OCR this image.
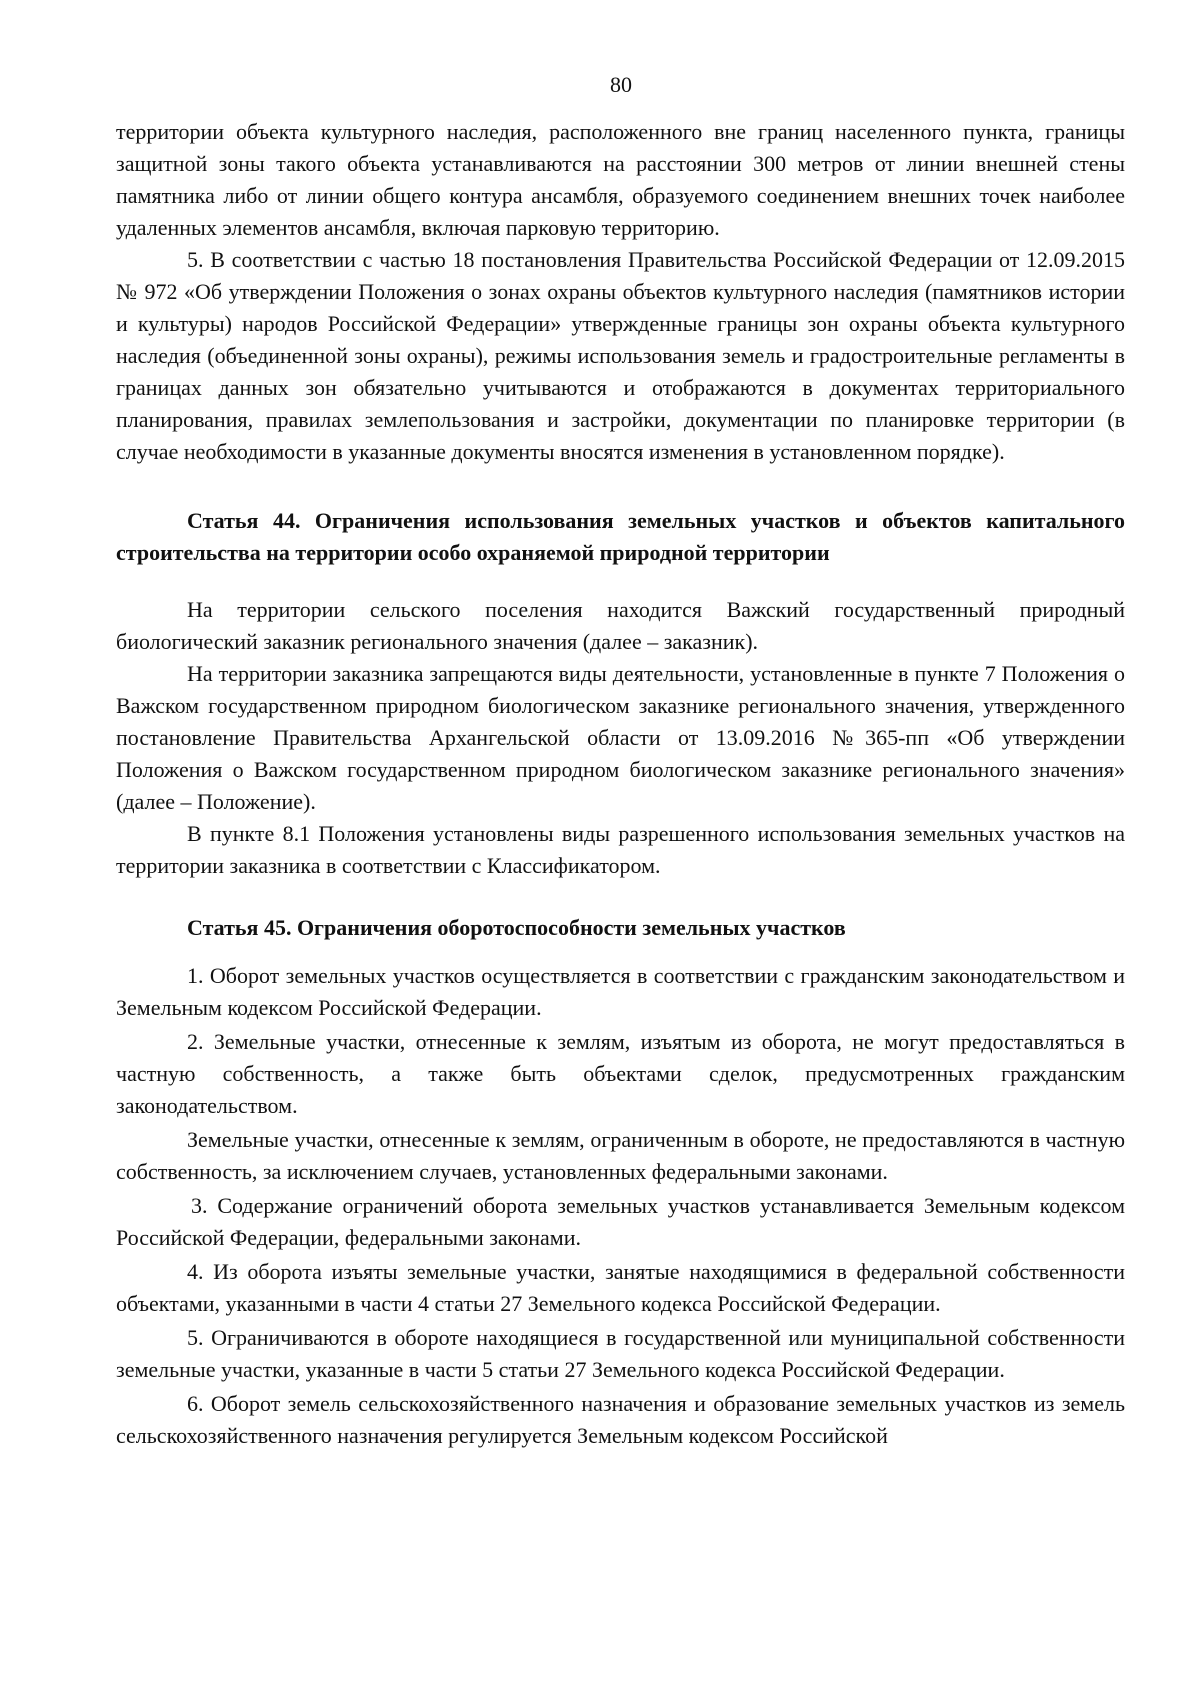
80

территории объекта культурного наследия, расположенного вне границ населенного пункта, границы защитной зоны такого объекта устанавливаются на расстоянии 300 метров от линии внешней стены памятника либо от линии общего контура ансамбля, образуемого соединением внешних точек наиболее удаленных элементов ансамбля, включая парковую территорию.

5. В соответствии с частью 18 постановления Правительства Российской Федерации от 12.09.2015 № 972 «Об утверждении Положения о зонах охраны объектов культурного наследия (памятников истории и культуры) народов Российской Федерации» утвержденные границы зон охраны объекта культурного наследия (объединенной зоны охраны), режимы использования земель и градостроительные регламенты в границах данных зон обязательно учитываются и отображаются в документах территориального планирования, правилах землепользования и застройки, документации по планировке территории (в случае необходимости в указанные документы вносятся изменения в установленном порядке).

Статья 44. Ограничения использования земельных участков и объектов капитального строительства на территории особо охраняемой природной территории

На территории сельского поселения находится Важский государственный природный биологический заказник регионального значения (далее – заказник).

На территории заказника запрещаются виды деятельности, установленные в пункте 7 Положения о Важском государственном природном биологическом заказнике регионального значения, утвержденного постановление Правительства Архангельской области от 13.09.2016 №365-пп «Об утверждении Положения о Важском государственном природном биологическом заказнике регионального значения» (далее – Положение).

В пункте 8.1 Положения установлены виды разрешенного использования земельных участков на территории заказника в соответствии с Классификатором.

Статья 45. Ограничения оборотоспособности земельных участков

1. Оборот земельных участков осуществляется в соответствии с гражданским законодательством и Земельным кодексом Российской Федерации.

2. Земельные участки, отнесенные к землям, изъятым из оборота, не могут предоставляться в частную собственность, а также быть объектами сделок, предусмотренных гражданским законодательством.

Земельные участки, отнесенные к землям, ограниченным в обороте, не предоставляются в частную собственность, за исключением случаев, установленных федеральными законами.

3. Содержание ограничений оборота земельных участков устанавливается Земельным кодексом Российской Федерации, федеральными законами.

4. Из оборота изъяты земельные участки, занятые находящимися в федеральной собственности объектами, указанными в части 4 статьи 27 Земельного кодекса Российской Федерации.

5. Ограничиваются в обороте находящиеся в государственной или муниципальной собственности земельные участки, указанные в части 5 статьи 27 Земельного кодекса Российской Федерации.

6. Оборот земель сельскохозяйственного назначения и образование земельных участков из земель сельскохозяйственного назначения регулируется Земельным кодексом Российской
